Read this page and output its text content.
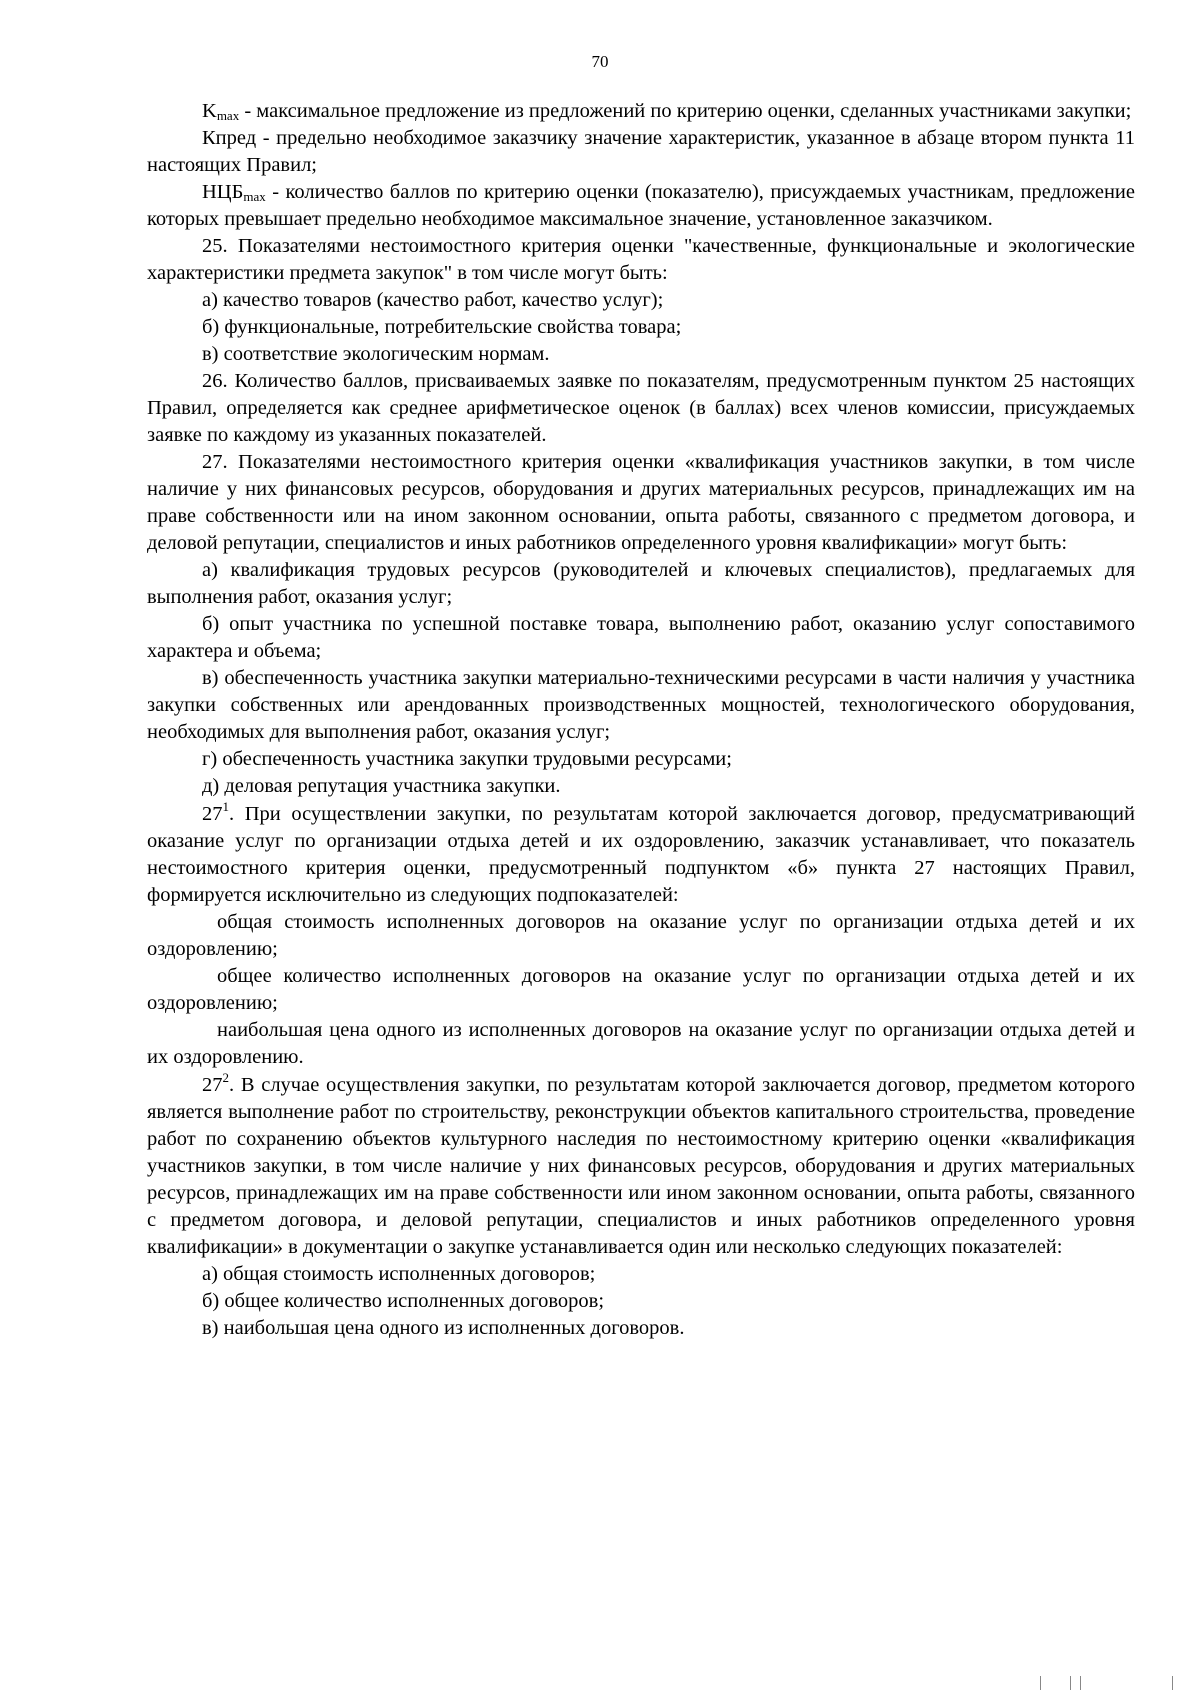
70

$K_{max}$ - максимальное предложение из предложений по критерию оценки, сделанных участниками закупки;

Кпред - предельно необходимое заказчику значение характеристик, указанное в абзаце втором пункта 11 настоящих Правил;

$НЦБ_{max}$ - количество баллов по критерию оценки (показателю), присуждаемых участникам, предложение которых превышает предельно необходимое максимальное значение, установленное заказчиком.

25. Показателями нестоимостного критерия оценки "качественные, функциональные и экологические характеристики предмета закупок" в том числе могут быть:

а) качество товаров (качество работ, качество услуг);

б) функциональные, потребительские свойства товара;

в) соответствие экологическим нормам.

26. Количество баллов, присваиваемых заявке по показателям, предусмотренным пунктом 25 настоящих Правил, определяется как среднее арифметическое оценок (в баллах) всех членов комиссии, присуждаемых заявке по каждому из указанных показателей.

27. Показателями нестоимостного критерия оценки «квалификация участников закупки, в том числе наличие у них финансовых ресурсов, оборудования и других материальных ресурсов, принадлежащих им на праве собственности или на ином законном основании, опыта работы, связанного с предметом договора, и деловой репутации, специалистов и иных работников определенного уровня квалификации» могут быть:

а) квалификация трудовых ресурсов (руководителей и ключевых специалистов), предлагаемых для выполнения работ, оказания услуг;

б) опыт участника по успешной поставке товара, выполнению работ, оказанию услуг сопоставимого характера и объема;

в) обеспеченность участника закупки материально-техническими ресурсами в части наличия у участника закупки собственных или арендованных производственных мощностей, технологического оборудования, необходимых для выполнения работ, оказания услуг;

г) обеспеченность участника закупки трудовыми ресурсами;

д) деловая репутация участника закупки.

$27^1$. При осуществлении закупки, по результатам которой заключается договор, предусматривающий оказание услуг по организации отдыха детей и их оздоровлению, заказчик устанавливает, что показатель нестоимостного критерия оценки, предусмотренный подпунктом «б» пункта 27 настоящих Правил, формируется исключительно из следующих подпоказателей:

общая стоимость исполненных договоров на оказание услуг по организации отдыха детей и их оздоровлению;

общее количество исполненных договоров на оказание услуг по организации отдыха детей и их оздоровлению;

наибольшая цена одного из исполненных договоров на оказание услуг по организации отдыха детей и их оздоровлению.

$27^2$. В случае осуществления закупки, по результатам которой заключается договор, предметом которого является выполнение работ по строительству, реконструкции объектов капитального строительства, проведение работ по сохранению объектов культурного наследия по нестоимостному критерию оценки «квалификация участников закупки, в том числе наличие у них финансовых ресурсов, оборудования и других материальных ресурсов, принадлежащих им на праве собственности или ином законном основании, опыта работы, связанного с предметом договора, и деловой репутации, специалистов и иных работников определенного уровня квалификации» в документации о закупке устанавливается один или несколько следующих показателей:

а) общая стоимость исполненных договоров;

б) общее количество исполненных договоров;

в) наибольшая цена одного из исполненных договоров.
